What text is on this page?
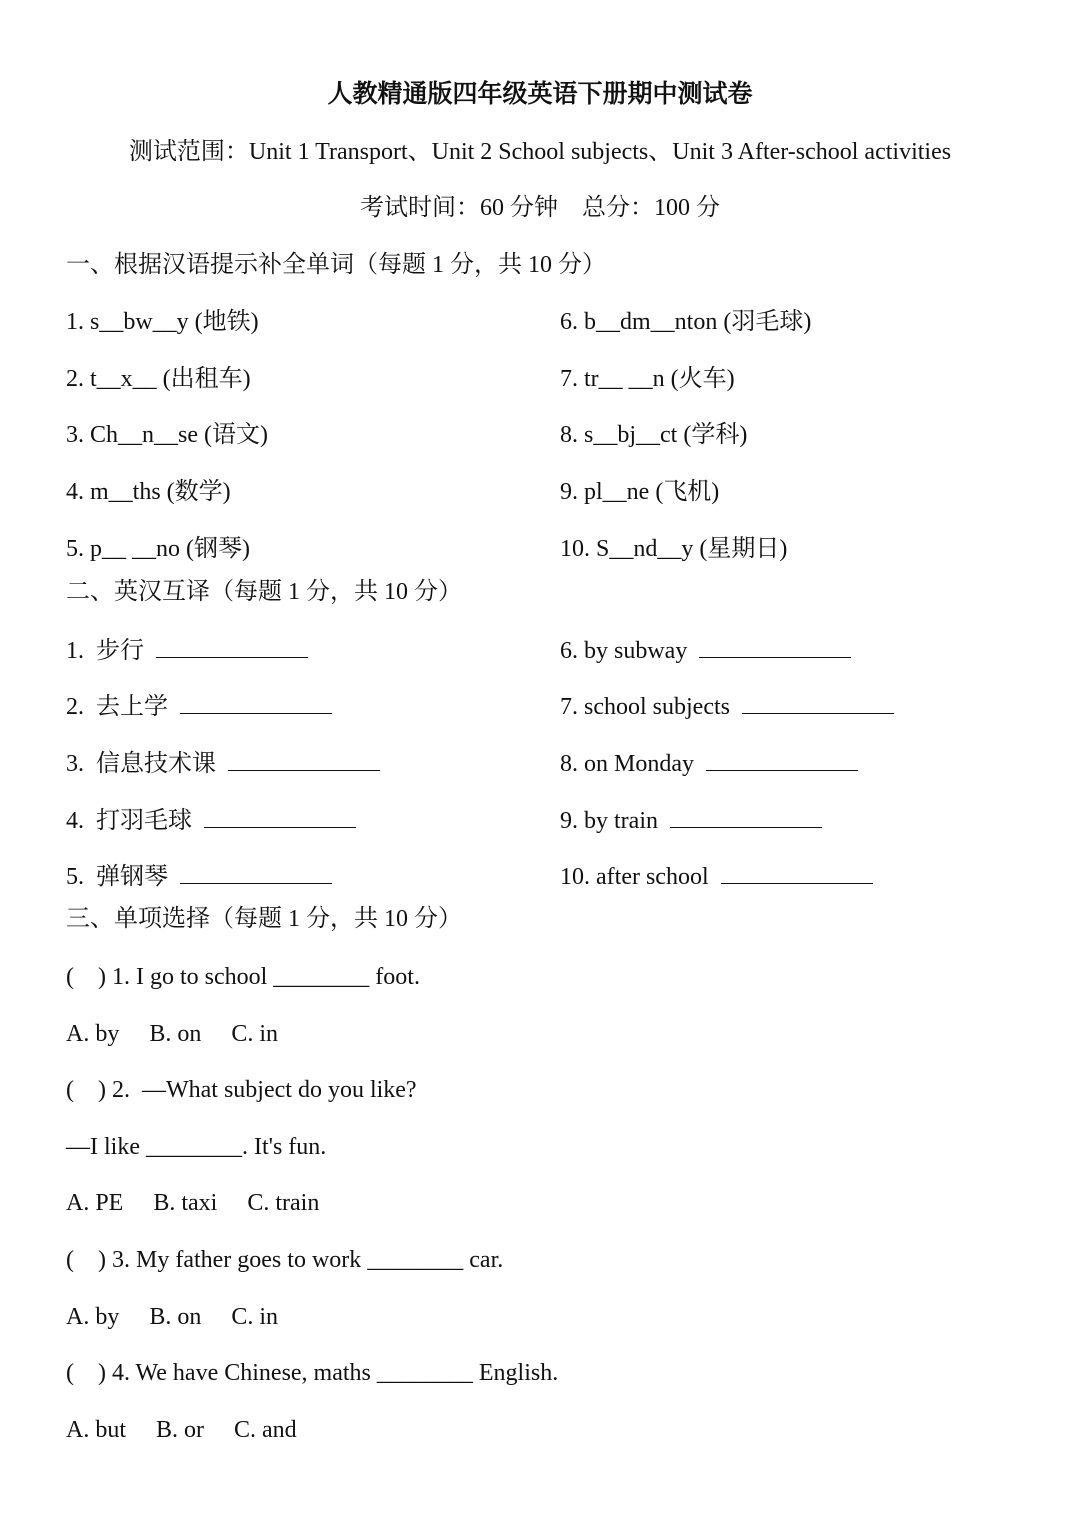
人教精通版四年级英语下册期中测试卷
测试范围：Unit 1 Transport、Unit 2 School subjects、Unit 3 After-school activities
考试时间：60 分钟    总分：100 分
一、根据汉语提示补全单词（每题 1 分，共 10 分）
1. s__bw__y (地铁)
2. t__x__ (出租车)
3. Ch__n__se (语文)
4. m__ths (数学)
5. p__ __no (钢琴)
6. b__dm__nton (羽毛球)
7. tr__ __n (火车)
8. s__bj__ct (学科)
9. pl__ne (飞机)
10. S__nd__y (星期日)
二、英汉互译（每题 1 分，共 10 分）
1.  步行
2.  去上学
3.  信息技术课
4.  打羽毛球
5.  弹钢琴
6. by subway
7. school subjects
8. on Monday
9. by train
10. after school
三、单项选择（每题 1 分，共 10 分）
(    ) 1. I go to school ________ foot.
A. by     B. on     C. in
(    ) 2.  —What subject do you like?
—I like ________. It's fun.
A. PE     B. taxi     C. train
(    ) 3. My father goes to work ________ car.
A. by     B. on     C. in
(    ) 4. We have Chinese, maths ________ English.
A. but     B. or     C. and
